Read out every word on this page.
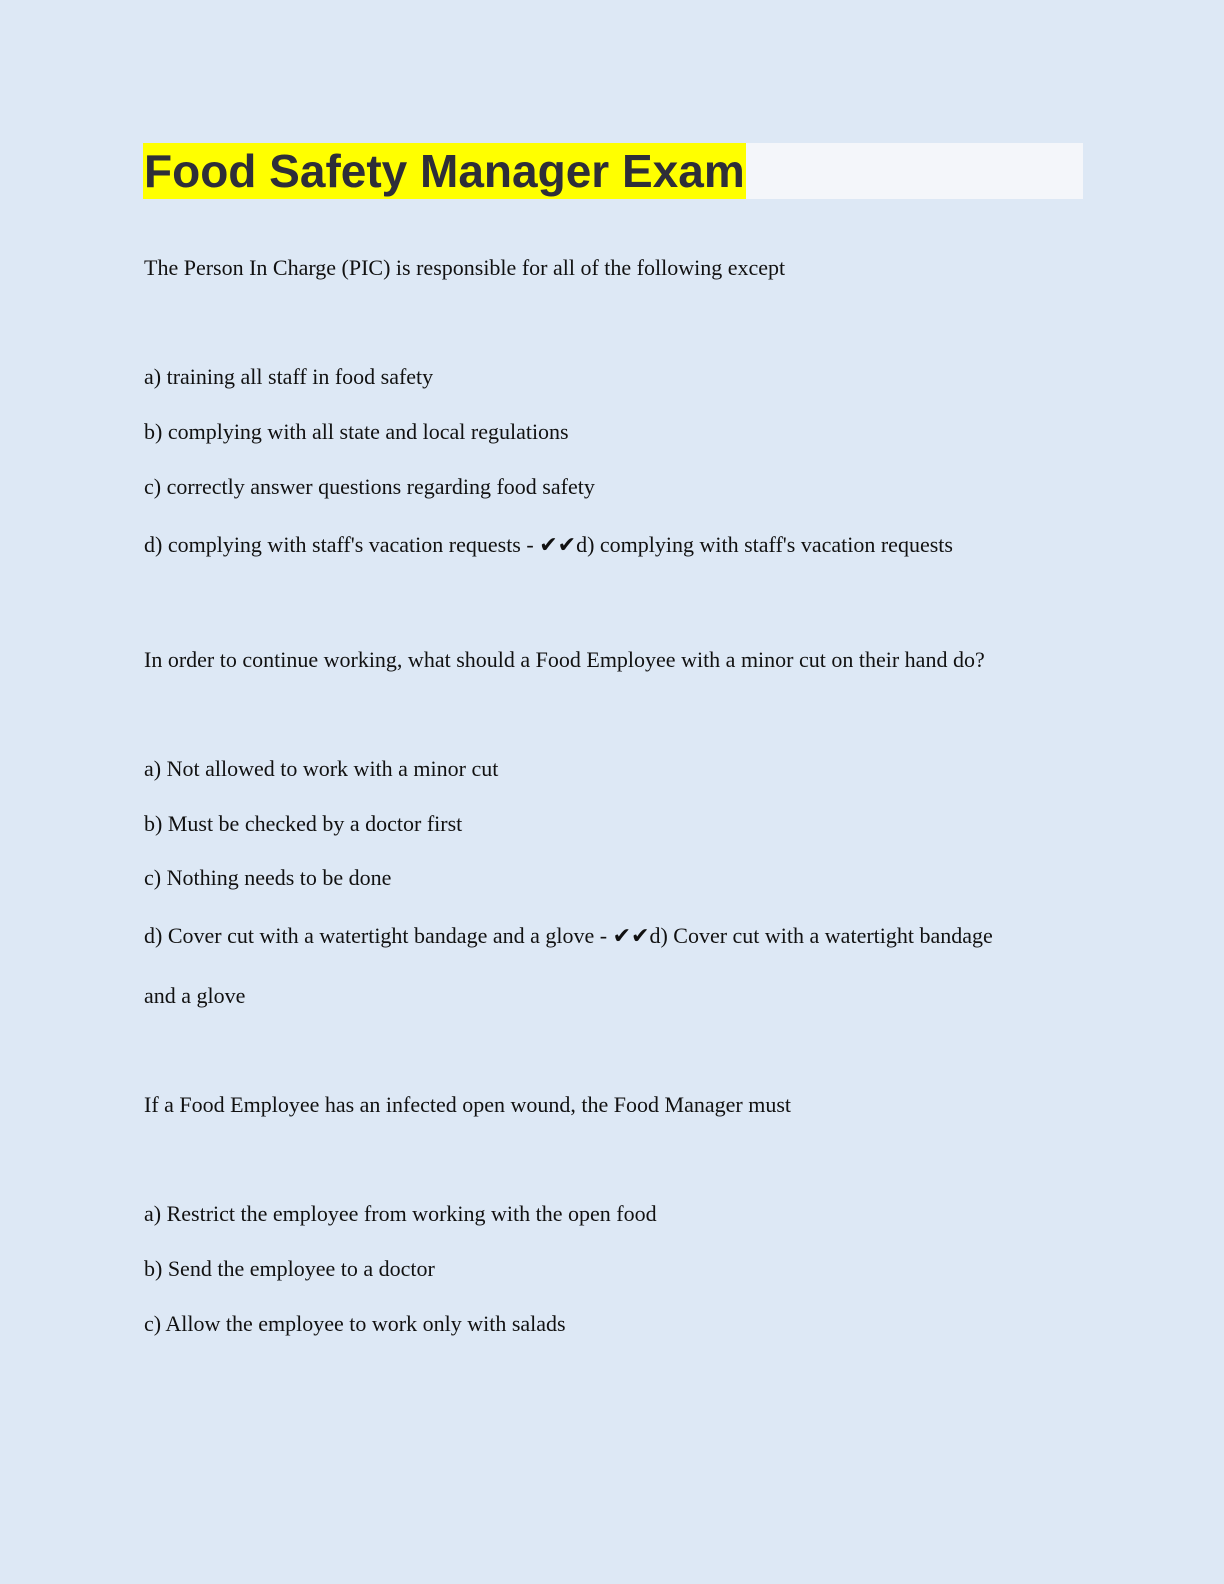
Food Safety Manager Exam

The Person In Charge (PIC) is responsible for all of the following except

a) training all staff in food safety

b) complying with all state and local regulations

c) correctly answer questions regarding food safety

d) complying with staff's vacation requests - ✔✔d) complying with staff's vacation requests

In order to continue working, what should a Food Employee with a minor cut on their hand do?

a) Not allowed to work with a minor cut

b) Must be checked by a doctor first

c) Nothing needs to be done

d) Cover cut with a watertight bandage and a glove - ✔✔d) Cover cut with a watertight bandage

and a glove

If a Food Employee has an infected open wound, the Food Manager must

a) Restrict the employee from working with the open food

b) Send the employee to a doctor

c) Allow the employee to work only with salads
